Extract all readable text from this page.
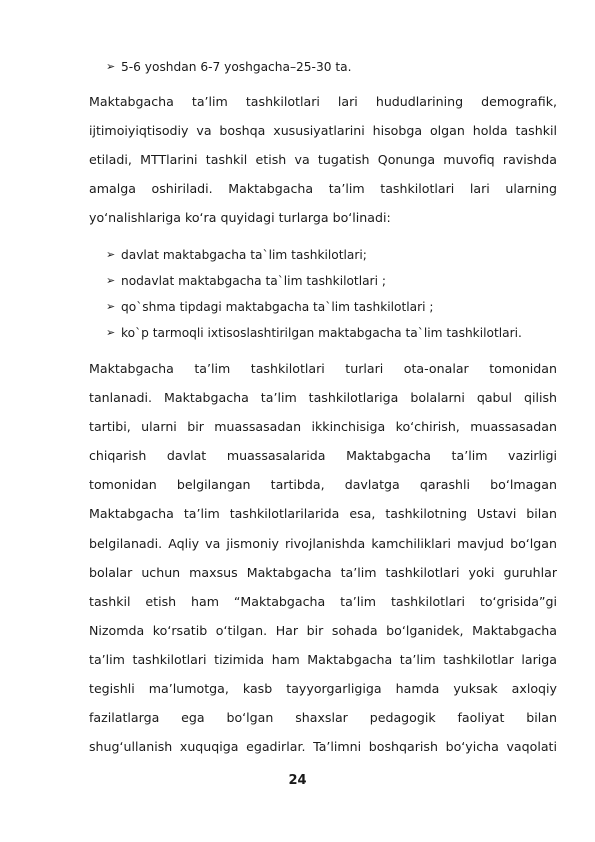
➢ 5-6 yoshdan 6-7 yoshgacha–25-30 ta.
Maktabgacha ta’lim tashkilotlari lari hududlarining demografik,
ijtimoiyiqtisodiy va boshqa xususiyatlarini hisobga olgan holda tashkil
etiladi, MTTlarini tashkil etish va tugatish Qonunga muvofiq ravishda
amalga oshiriladi. Maktabgacha ta’lim tashkilotlari lari ularning
yo‘nalishlariga ko‘ra quyidagi turlarga bo‘linadi:
➢ davlat maktabgacha ta`lim tashkilotlari;
➢ nodavlat maktabgacha ta`lim tashkilotlari ;
➢ qo`shma tipdagi maktabgacha ta`lim tashkilotlari ;
➢ ko`p tarmoqli ixtisoslashtirilgan maktabgacha ta`lim tashkilotlari.
Maktabgacha ta’lim tashkilotlari turlari ota-onalar tomonidan
tanlanadi. Maktabgacha ta’lim tashkilotlariga bolalarni qabul qilish
tartibi, ularni bir muassasadan ikkinchisiga ko‘chirish, muassasadan
chiqarish davlat muassasalarida Maktabgacha ta’lim vazirligi
tomonidan belgilangan tartibda, davlatga qarashli bo‘lmagan
Maktabgacha ta’lim tashkilotlarilarida esa, tashkilotning Ustavi bilan
belgilanadi. Aqliy va jismoniy rivojlanishda kamchiliklari mavjud bo‘lgan
bolalar uchun maxsus Maktabgacha ta’lim tashkilotlari yoki guruhlar
tashkil etish ham “Maktabgacha ta’lim tashkilotlari to‘grisida”gi
Nizomda ko‘rsatib o‘tilgan. Har bir sohada bo‘lganidek, Maktabgacha
ta’lim tashkilotlari tizimida ham Maktabgacha ta’lim tashkilotlar lariga
tegishli ma’lumotga, kasb tayyorgarligiga hamda yuksak axloqiy
fazilatlarga ega bo‘lgan shaxslar pedagogik faoliyat bilan
shug‘ullanish xuquqiga egadirlar. Ta’limni boshqarish bo‘yicha vaqolati
24
